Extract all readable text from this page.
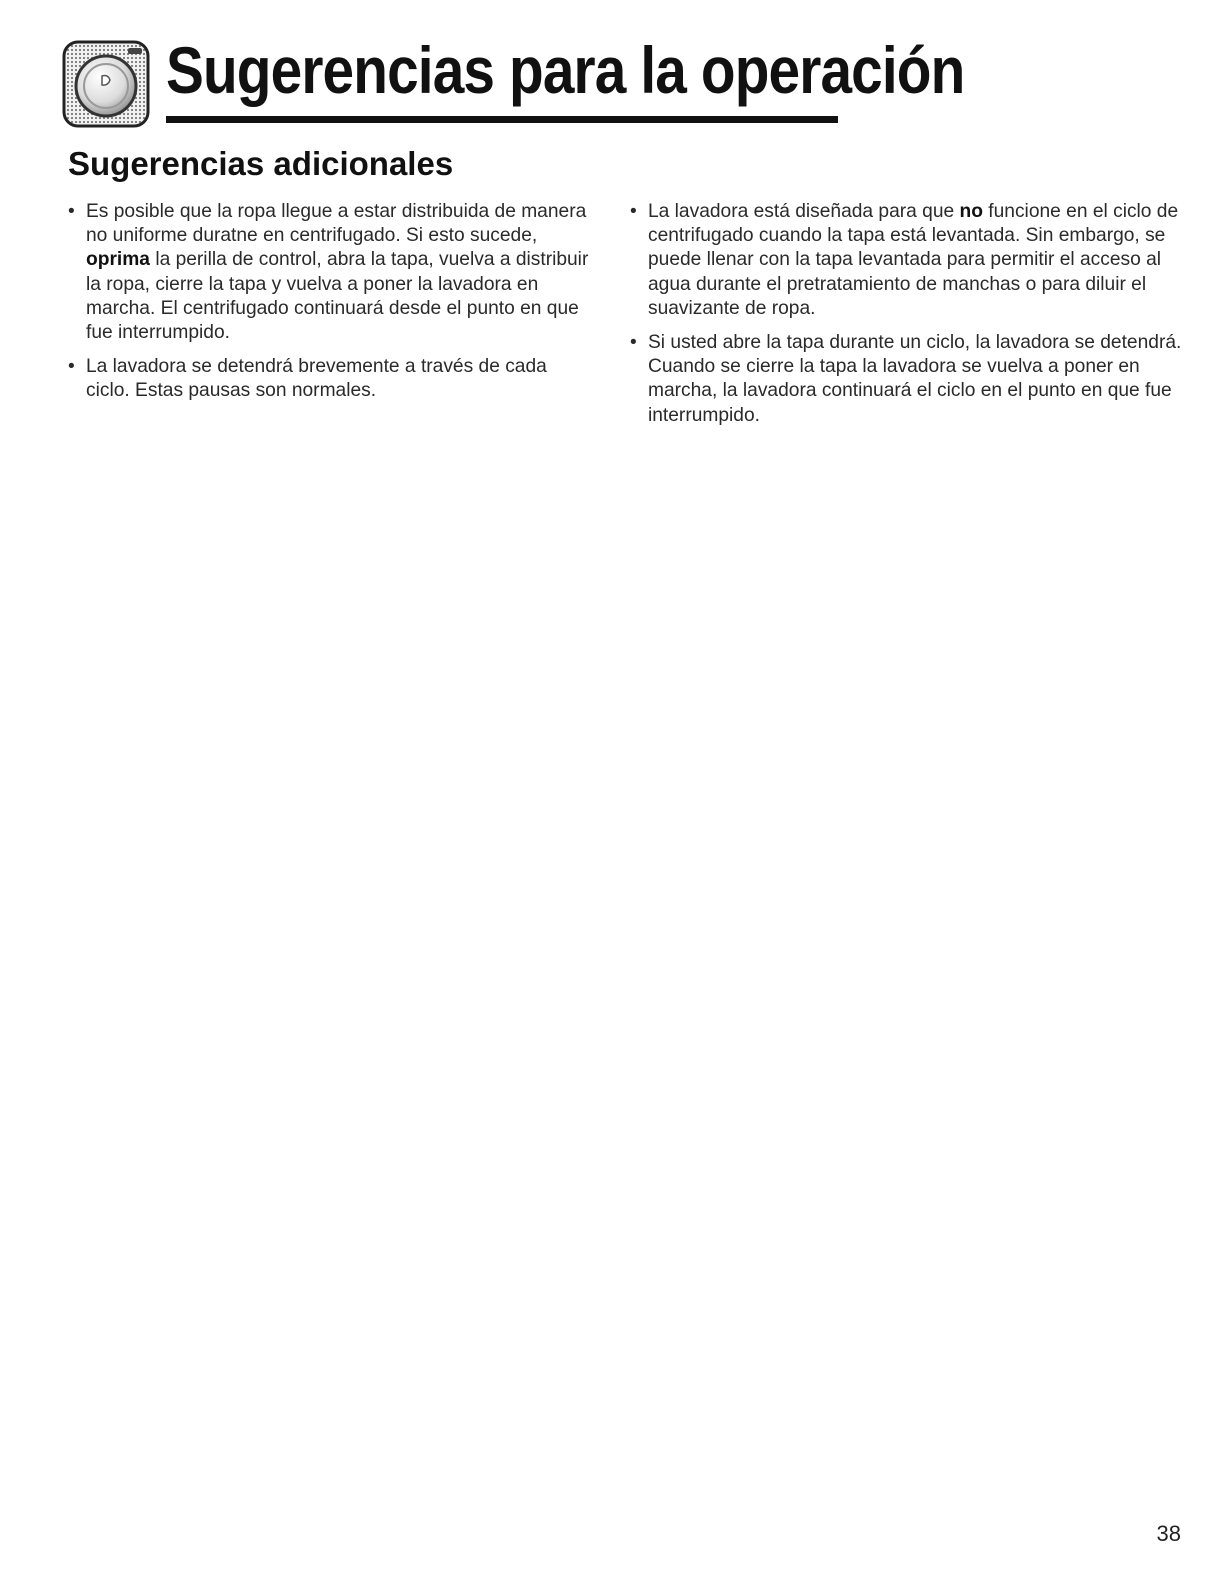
Sugerencias para la operación
Sugerencias adicionales
• Es posible que la ropa llegue a estar distribuida de manera no uniforme duratne en centrifugado. Si esto sucede, oprima la perilla de control, abra la tapa, vuelva a distribuir la ropa, cierre la tapa y vuelva a poner la lavadora en marcha. El centrifugado continuará desde el punto en que fue interrumpido.
• La lavadora se detendrá brevemente a través de cada ciclo. Estas pausas son normales.
• La lavadora está diseñada para que no funcione en el ciclo de centrifugado cuando la tapa está levantada. Sin embargo, se puede llenar con la tapa levantada para permitir el acceso al agua durante el pretratamiento de manchas o para diluir el suavizante de ropa.
• Si usted abre la tapa durante un ciclo, la lavadora se detendrá. Cuando se cierre la tapa la lavadora se vuelva a poner en marcha, la lavadora continuará el ciclo en el punto en que fue interrumpido.
38
